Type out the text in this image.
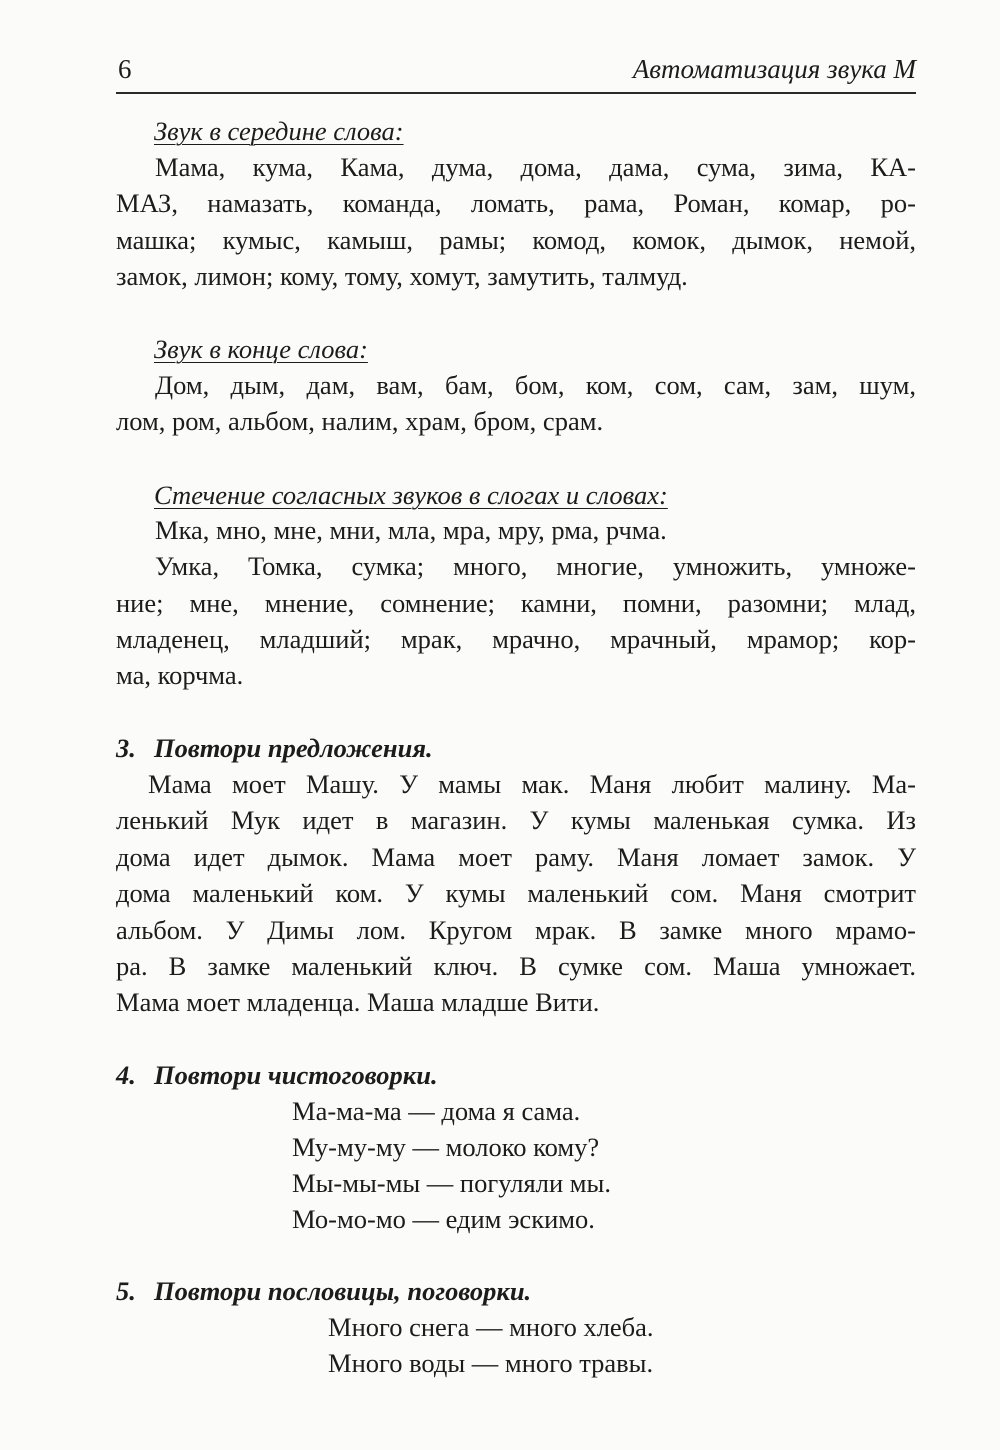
6	Автоматизация звука М
Звук в середине слова:
Мама, кума, Кама, дума, дома, дама, сума, зима, КА-
МАЗ, намазать, команда, ломать, рама, Роман, комар, ро-
машка; кумыс, камыш, рамы; комод, комок, дымок, немой,
замок, лимон; кому, тому, хомут, замутить, талмуд.
Звук в конце слова:
Дом, дым, дам, вам, бам, бом, ком, сом, сам, зам, шум,
лом, ром, альбом, налим, храм, бром, срам.
Стечение согласных звуков в слогах и словах:
Мка, мно, мне, мни, мла, мра, мру, рма, рчма.
Умка, Томка, сумка; много, многие, умножить, умноже-
ние; мне, мнение, сомнение; камни, помни, разомни; млад,
младенец, младший; мрак, мрачно, мрачный, мрамор; кор-
ма, корчма.
3. Повтори предложения.
Мама моет Машу. У мамы мак. Маня любит малину. Ма-
ленький Мук идет в магазин. У кумы маленькая сумка. Из
дома идет дымок. Мама моет раму. Маня ломает замок. У
дома маленький ком. У кумы маленький сом. Маня смотрит
альбом. У Димы лом. Кругом мрак. В замке много мрамо-
ра. В замке маленький ключ. В сумке сом. Маша умножает.
Мама моет младенца. Маша младше Вити.
4. Повтори чистоговорки.
Ма-ма-ма — дома я сама.
Му-му-му — молоко кому?
Мы-мы-мы — погуляли мы.
Мо-мо-мо — едим эскимо.
5. Повтори пословицы, поговорки.
Много снега — много хлеба.
Много воды — много травы.
